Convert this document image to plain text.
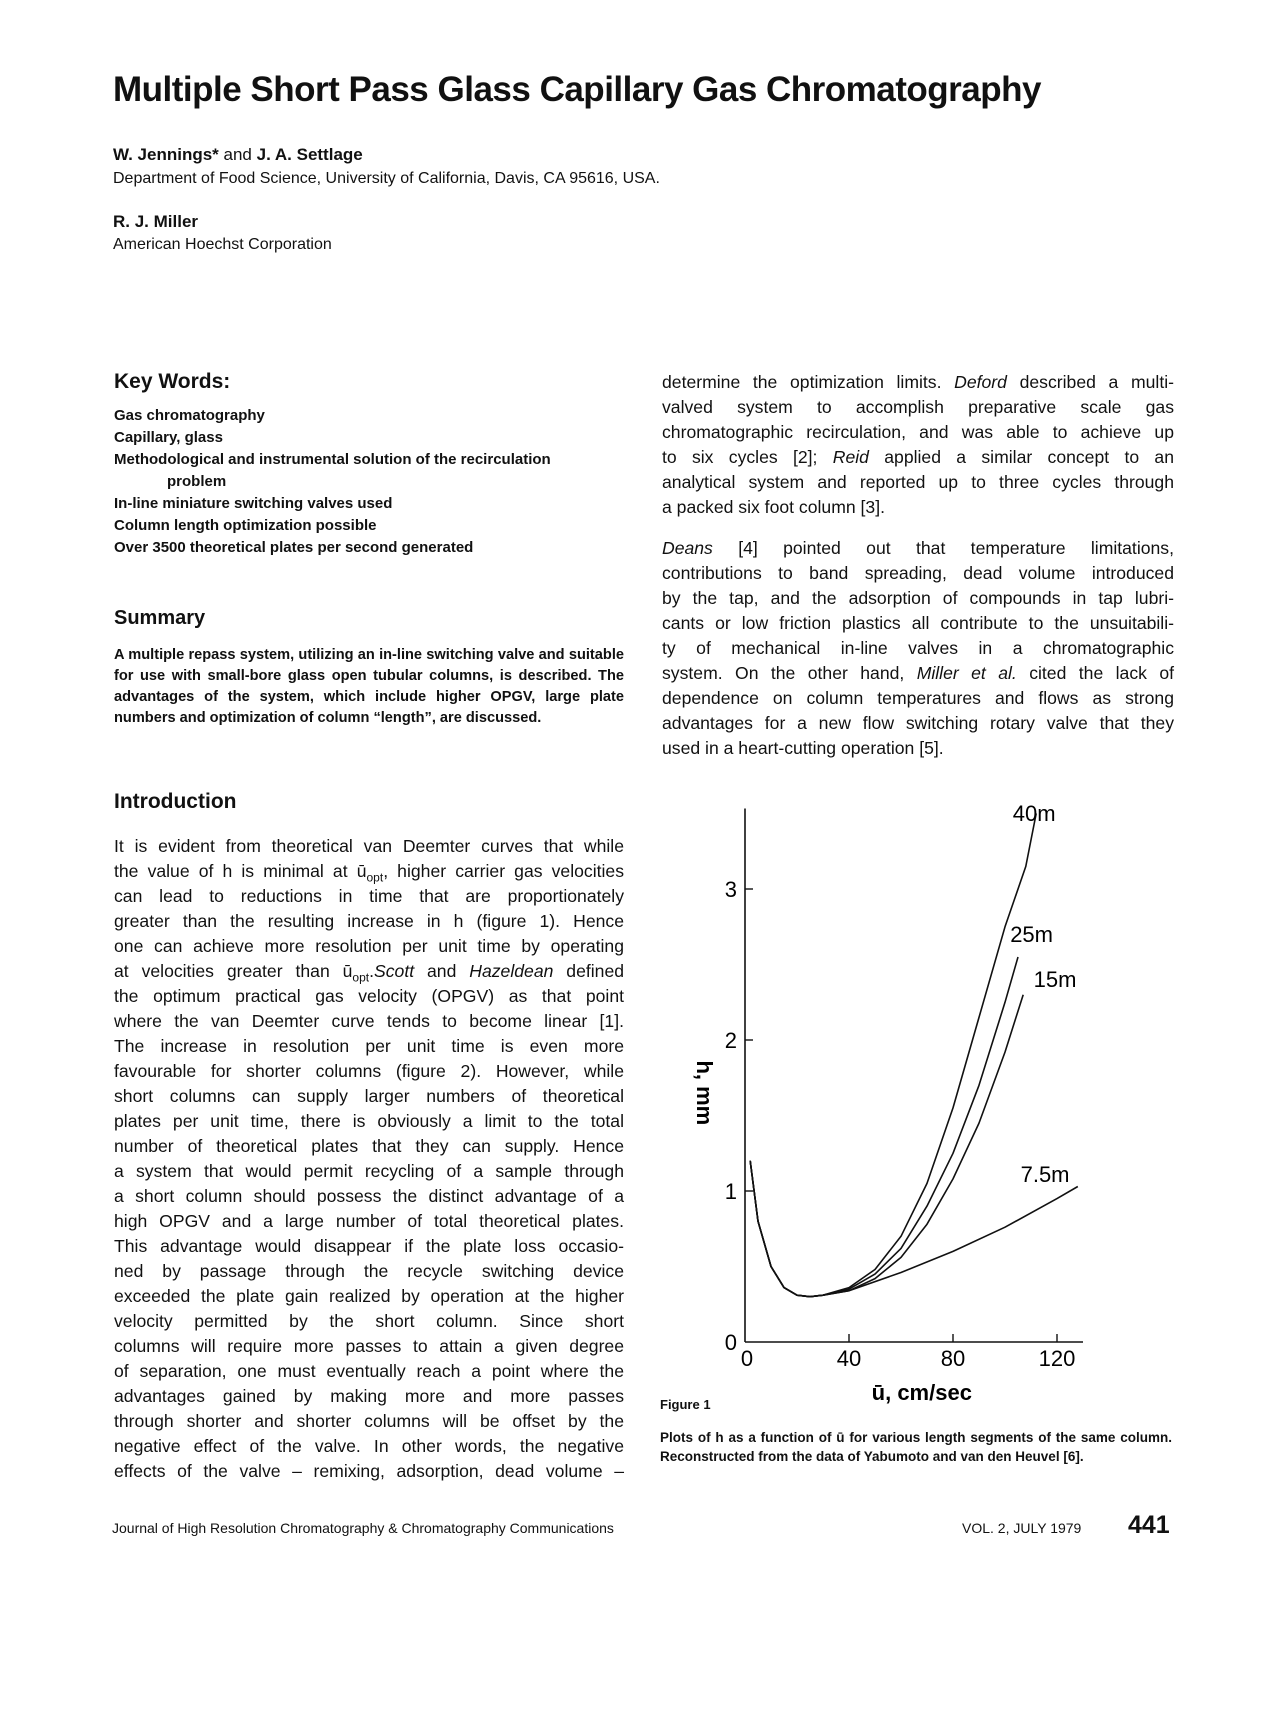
Multiple Short Pass Glass Capillary Gas Chromatography
W. Jennings* and J. A. Settlage
Department of Food Science, University of California, Davis, CA 95616, USA.
R. J. Miller
American Hoechst Corporation
Key Words:
Gas chromatography
Capillary, glass
Methodological and instrumental solution of the recirculation
problem
In-line miniature switching valves used
Column length optimization possible
Over 3500 theoretical plates per second generated
Summary
A multiple repass system, utilizing an in-line switching valve and suitable for use with small-bore glass open tubular columns, is described. The advantages of the system, which include higher OPGV, large plate numbers and optimization of column “length”, are discussed.
Introduction
It is evident from theoretical van Deemter curves that while
the value of h is minimal at $ū_{opt}$, higher carrier gas velocities
can lead to reductions in time that are proportionately
greater than the resulting increase in h (figure 1). Hence
one can achieve more resolution per unit time by operating
at velocities greater than $ū_{opt}.Scott$ and Hazeldean defined
the optimum practical gas velocity (OPGV) as that point
where the van Deemter curve tends to become linear [1].
The increase in resolution per unit time is even more
favourable for shorter columns (figure 2). However, while
short columns can supply larger numbers of theoretical
plates per unit time, there is obviously a limit to the total
number of theoretical plates that they can supply. Hence
a system that would permit recycling of a sample through
a short column should possess the distinct advantage of a
high OPGV and a large number of total theoretical plates.
This advantage would disappear if the plate loss occasio-
ned by passage through the recycle switching device
exceeded the plate gain realized by operation at the higher
velocity permitted by the short column. Since short
columns will require more passes to attain a given degree
of separation, one must eventually reach a point where the
advantages gained by making more and more passes
through shorter and shorter columns will be offset by the
negative effect of the valve. In other words, the negative
effects of the valve – remixing, adsorption, dead volume –
determine the optimization limits. Deford described a multi-
valved system to accomplish preparative scale gas
chromatographic recirculation, and was able to achieve up
to six cycles [2]; Reid applied a similar concept to an
analytical system and reported up to three cycles through
a packed six foot column [3].
Deans [4] pointed out that temperature limitations,
contributions to band spreading, dead volume introduced
by the tap, and the adsorption of compounds in tap lubri-
cants or low friction plastics all contribute to the unsuitabili-
ty of mechanical in-line valves in a chromatographic
system. On the other hand, Miller et al. cited the lack of
dependence on column temperatures and flows as strong
advantages for a new flow switching rotary valve that they
used in a heart-cutting operation [5].
0
1
2
3
0	40	80	120
ū, cm/sec
h, mm
40m
25m
15m
7.5m
Figure 1
Plots of h as a function of ū for various length segments of the same column. Reconstructed from the data of Yabumoto and van den Heuvel [6].
Journal of High Resolution Chromatography & Chromatography Communications	VOL. 2, JULY 1979 441
